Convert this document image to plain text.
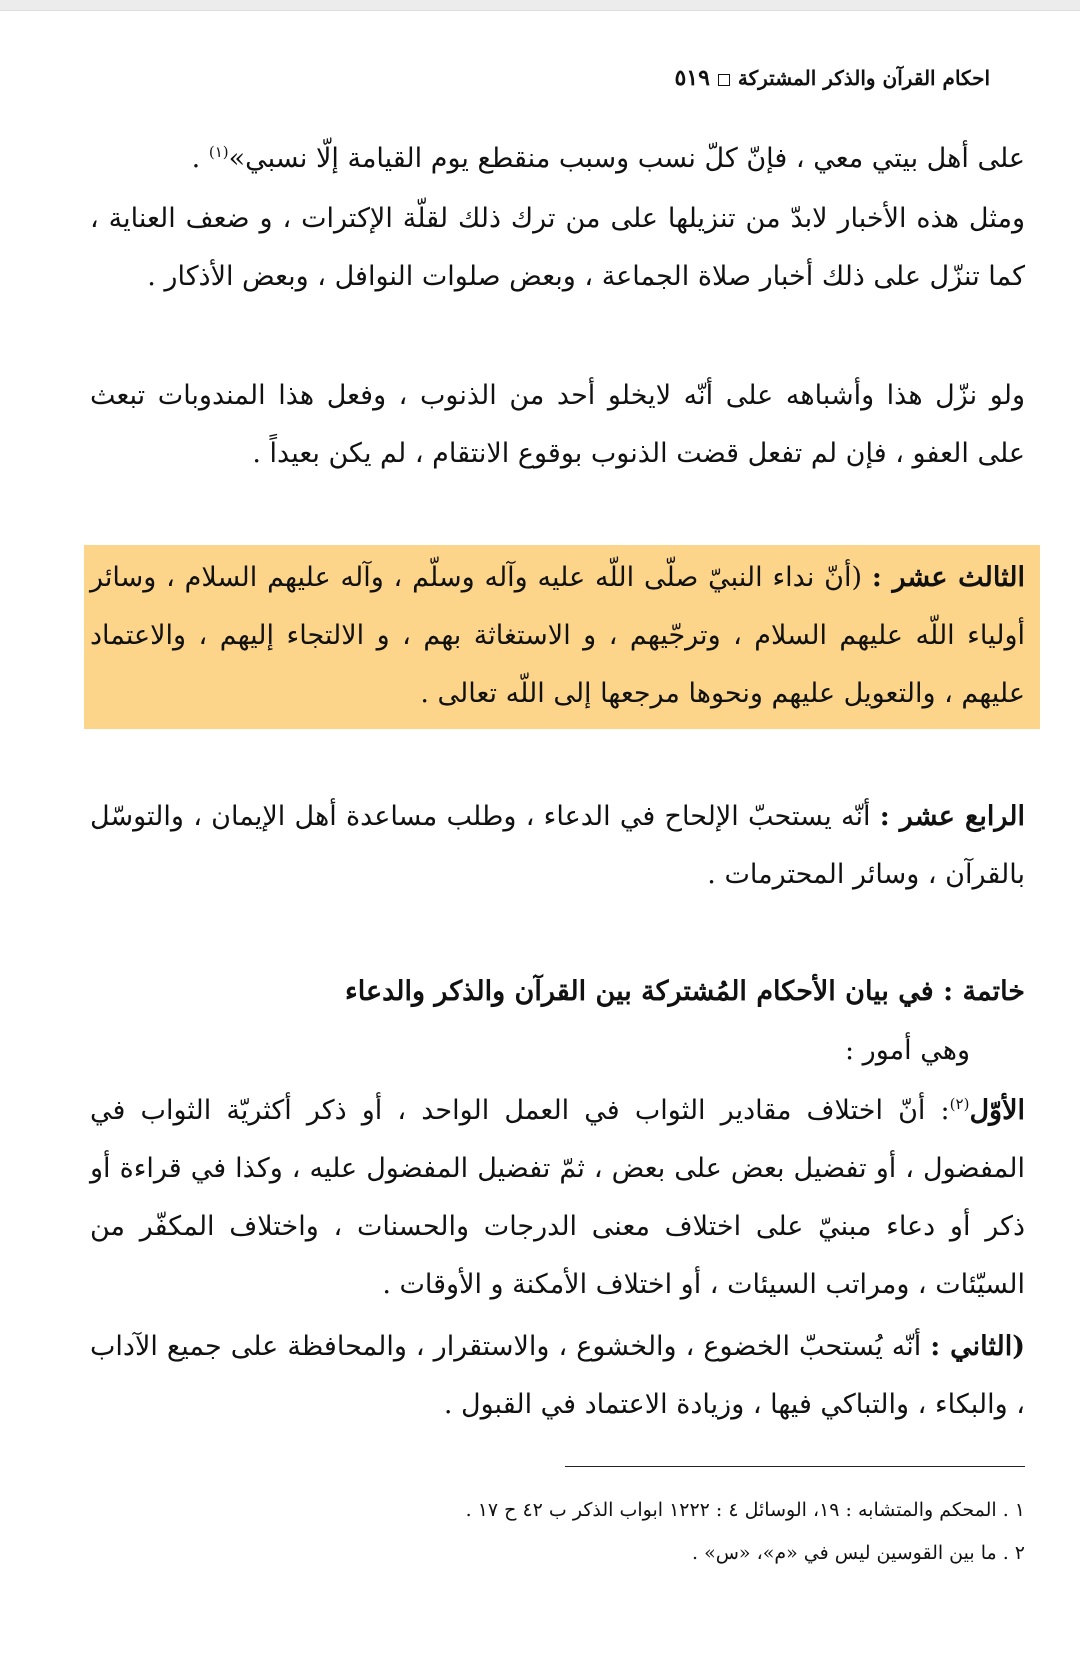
احكام القرآن والذكر المشتركة٥١٩
على أهل بيتي معي ، فإنّ كلّ نسب وسبب منقطع يوم القيامة إلّا نسبي»$^{(١)}$ .
ومثل هذه الأخبار لابدّ من تنزيلها على من ترك ذلك لقلّة الإكترات ، و ضعف العناية ، كما تنزّل على ذلك أخبار صلاة الجماعة ، وبعض صلوات النوافل ، وبعض الأذكار .
ولو نزّل هذا وأشباهه على أنّه لايخلو أحد من الذنوب ، وفعل هذا المندوبات تبعث على العفو ، فإن لم تفعل قضت الذنوب بوقوع الانتقام ، لم يكن بعيداً .
الثالث عشر : (أنّ نداء النبيّ صلّى اللّه عليه وآله وسلّم ، وآله عليهم السلام ، وسائر أولياء اللّه عليهم السلام ، وترجّيهم ، و الاستغاثة بهم ، و الالتجاء إليهم ، والاعتماد عليهم ، والتعويل عليهم ونحوها مرجعها إلى اللّه تعالى .
الرابع عشر : أنّه يستحبّ الإلحاح في الدعاء ، وطلب مساعدة أهل الإيمان ، والتوسّل بالقرآن ، وسائر المحترمات .
خاتمة : في بيان الأحكام المُشتركة بين القرآن والذكر والدعاء
وهي أمور :
الأوّل$^{(٢)}$: أنّ اختلاف مقادير الثواب في العمل الواحد ، أو ذكر أكثريّة الثواب في المفضول ، أو تفضيل بعض على بعض ، ثمّ تفضيل المفضول عليه ، وكذا في قراءة أو ذكر أو دعاء مبنيّ على اختلاف معنى الدرجات والحسنات ، واختلاف المكفّر من السيّئات ، ومراتب السيئات ، أو اختلاف الأمكنة و الأوقات .
(الثاني : أنّه يُستحبّ الخضوع ، والخشوع ، والاستقرار ، والمحافظة على جميع الآداب ، والبكاء ، والتباكي فيها ، وزيادة الاعتماد في القبول .
١ . المحكم والمتشابه : ١٩، الوسائل ٤ : ١٢٢٢ ابواب الذكر ب ٤٢ ح ١٧ .
٢ . ما بين القوسين ليس في «م»، «س» .
